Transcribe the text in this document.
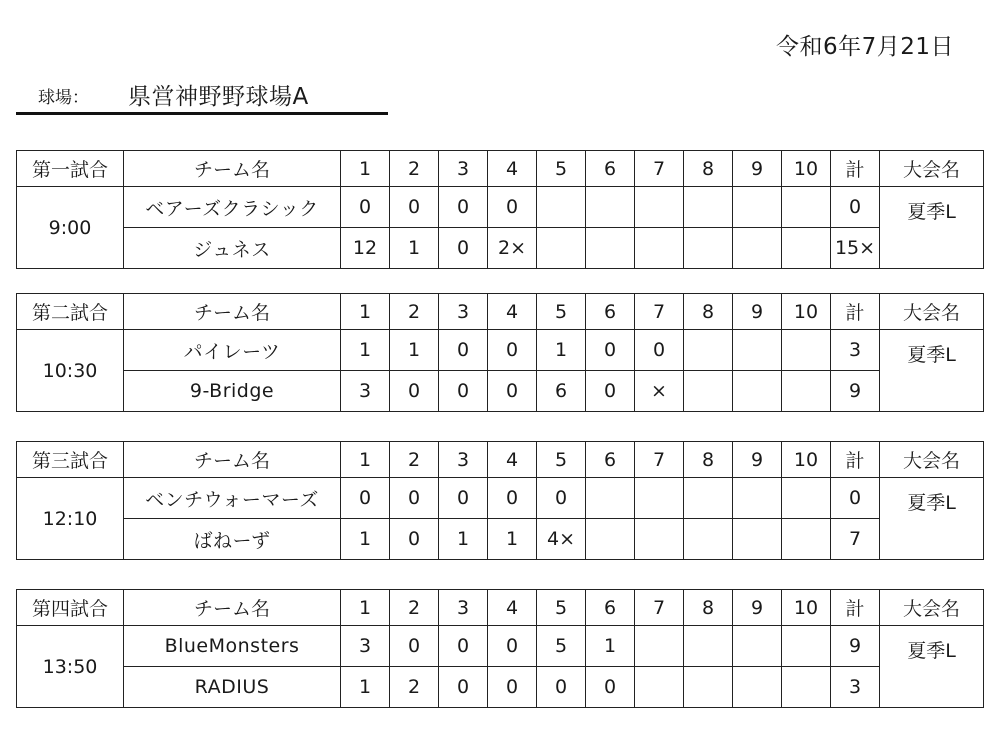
令和6年7月21日
球場： 県営神野野球場A
第一試合	チーム名	1	2	3	4	5	6	7	8	9	10	計	大会名
9:00	ベアーズクラシック	0	0	0	0							0	夏季L
	ジュネス	12	1	0	2×							15×	
第二試合	チーム名	1	2	3	4	5	6	7	8	9	10	計	大会名
10:30	パイレーツ	1	1	0	0	1	0	0				3	夏季L
	9-Bridge	3	0	0	0	6	0	×				9	
第三試合	チーム名	1	2	3	4	5	6	7	8	9	10	計	大会名
12:10	ベンチウォーマーズ	0	0	0	0	0						0	夏季L
	ばねーず	1	0	1	1	4×						7	
第四試合	チーム名	1	2	3	4	5	6	7	8	9	10	計	大会名
13:50	BlueMonsters	3	0	0	0	5	1					9	夏季L
	RADIUS	1	2	0	0	0	0					3	
